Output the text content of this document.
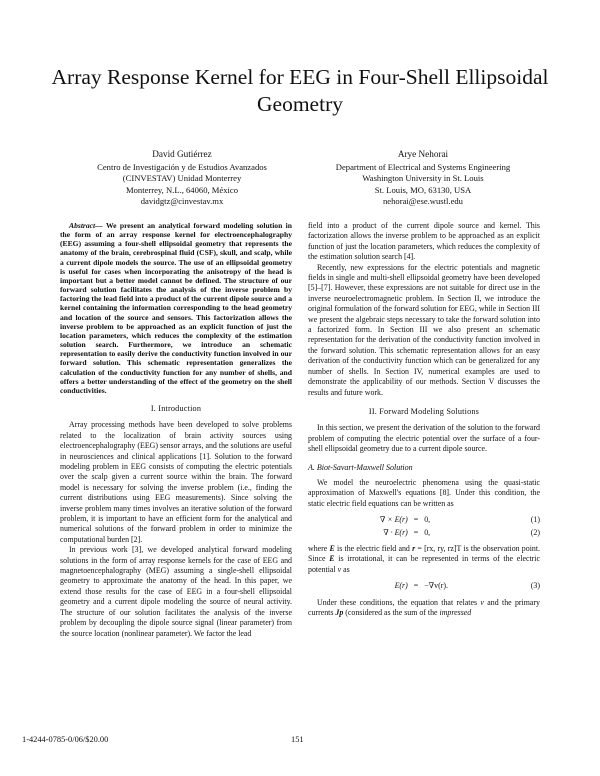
Array Response Kernel for EEG in Four-Shell Ellipsoidal Geometry
David Gutiérrez
Centro de Investigación y de Estudios Avanzados
(CINVESTAV) Unidad Monterrey
Monterrey, N.L., 64060, México
davidgtz@cinvestav.mx
Arye Nehorai
Department of Electrical and Systems Engineering
Washington University in St. Louis
St. Louis, MO, 63130, USA
nehorai@ese.wustl.edu

Abstract— We present an analytical forward modeling solution in the form of an array response kernel for electroencephalography (EEG) assuming a four-shell ellipsoidal geometry that represents the anatomy of the brain, cerebrospinal fluid (CSF), skull, and scalp, while a current dipole models the source. The use of an ellipsoidal geometry is useful for cases when incorporating the anisotropy of the head is important but a better model cannot be defined. The structure of our forward solution facilitates the analysis of the inverse problem by factoring the lead field into a product of the current dipole source and a kernel containing the information corresponding to the head geometry and location of the source and sensors. This factorization allows the inverse problem to be approached as an explicit function of just the location parameters, which reduces the complexity of the estimation solution search. Furthermore, we introduce an schematic representation to easily derive the conductivity function involved in our forward solution. This schematic representation generalizes the calculation of the conductivity function for any number of shells, and offers a better understanding of the effect of the geometry on the shell conductivities.

I. Introduction

Array processing methods have been developed to solve problems related to the localization of brain activity sources using electroencephalography (EEG) sensor arrays, and the solutions are useful in neurosciences and clinical applications [1]. Solution to the forward modeling problem in EEG consists of computing the electric potentials over the scalp given a current source within the brain. The forward model is necessary for solving the inverse problem (i.e., finding the current distributions using EEG measurements). Since solving the inverse problem many times involves an iterative solution of the forward problem, it is important to have an efficient form for the analytical and numerical solutions of the forward problem in order to minimize the computational burden [2].

In previous work [3], we developed analytical forward modeling solutions in the form of array response kernels for the case of EEG and magnetoencephalography (MEG) assuming a single-shell ellipsoidal geometry to approximate the anatomy of the head. In this paper, we extend those results for the case of EEG in a four-shell ellipsoidal geometry and a current dipole modeling the source of neural activity. The structure of our solution facilitates the analysis of the inverse problem by decoupling the dipole source signal (linear parameter) from the source location (nonlinear parameter). We factor the lead

field into a product of the current dipole source and kernel. This factorization allows the inverse problem to be approached as an explicit function of just the location parameters, which reduces the complexity of the estimation solution search [4].

Recently, new expressions for the electric potentials and magnetic fields in single and multi-shell ellipsoidal geometry have been developed [5]–[7]. However, these expressions are not suitable for direct use in the inverse neuroelectromagnetic problem. In Section II, we introduce the original formulation of the forward solution for EEG, while in Section III we present the algebraic steps necessary to take the forward solution into a factorized form. In Section III we also present an schematic representation for the derivation of the conductivity function involved in the forward solution. This schematic representation allows for an easy derivation of the conductivity function which can be generalized for any number of shells. In Section IV, numerical examples are used to demonstrate the applicability of our methods. Section V discusses the results and future work.

II. Forward Modeling Solutions

In this section, we present the derivation of the solution to the forward problem of computing the electric potential over the surface of a four-shell ellipsoidal geometry due to a current dipole source.

A. Biot-Savart-Maxwell Solution

We model the neuroelectric phenomena using the quasi-static approximation of Maxwell's equations [8]. Under this condition, the static electric field equations can be written as

∇ × E(r) = 0,	(1)
∇ · E(r) = 0,	(2)

where E is the electric field and r = [rx, ry, rz]T is the observation point. Since E is irrotational, it can be represented in terms of the electric potential v as

E(r) = −∇v(r).	(3)

Under these conditions, the equation that relates v and the primary currents Jp (considered as the sum of the impressed

1-4244-0785-0/06/$20.00	151
